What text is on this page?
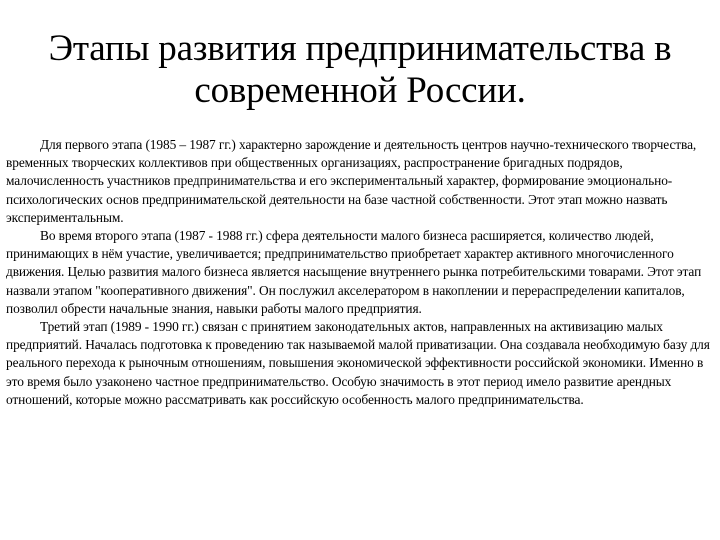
Этапы развития предпринимательства в
современной России.

Для первого этапа (1985 – 1987 гг.) характерно зарождение и деятельность центров научно-технического творчества, временных творческих коллективов при общественных организациях, распространение бригадных подрядов, малочисленность участников предпринимательства и его экспериментальный характер, формирование эмоционально-психологических основ предпринимательской деятельности на базе частной собственности. Этот этап можно назвать экспериментальным.

Во время второго этапа (1987 - 1988 гг.) сфера деятельности малого бизнеса расширяется, количество людей, принимающих в нём участие, увеличивается; предпринимательство приобретает характер активного многочисленного движения. Целью развития малого бизнеса является насыщение внутреннего рынка потребительскими товарами. Этот этап назвали этапом "кооперативного движения". Он послужил акселератором в накоплении и перераспределении капиталов, позволил обрести начальные знания, навыки работы малого предприятия.

Третий этап (1989 - 1990 гг.) связан с принятием законодательных актов, направленных на активизацию малых предприятий. Началась подготовка к проведению так называемой малой приватизации. Она создавала необходимую базу для реального перехода к рыночным отношениям, повышения экономической эффективности российской экономики. Именно в это время было узаконено частное предпринимательство. Особую значимость в этот период имело развитие арендных отношений, которые можно рассматривать как российскую особенность малого предпринимательства.
